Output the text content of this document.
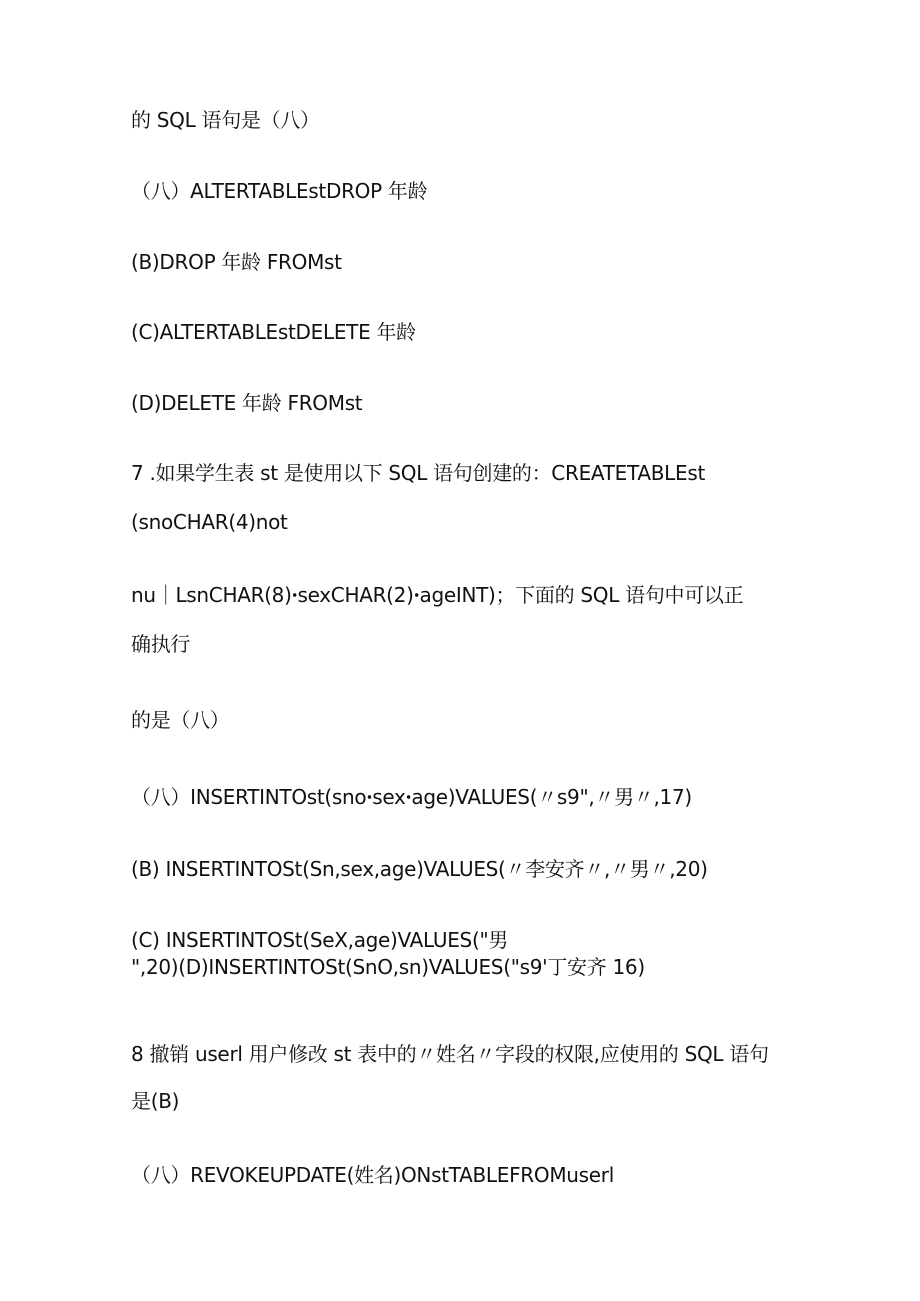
的 SQL 语句是（八）
（八）ALTERTABLEstDROP 年龄
(B)DROP 年龄 FROMst
(C)ALTERTABLEstDELETE 年龄
(D)DELETE 年龄 FROMst
7 .如果学生表 st 是使用以下 SQL 语句创建的：CREATETABLEst
(snoCHAR(4)not
nu｜LsnCHAR(8)ꞏsexCHAR(2)ꞏageINT)；下面的 SQL 语句中可以正
确执行
的是（八）
（八）INSERTINTOst(snoꞏsexꞏage)VALUES(〃s9",〃男〃,17)
(B) INSERTINTOSt(Sn,sex,age)VALUES(〃李安齐〃,〃男〃,20)
(C) INSERTINTOSt(SeX,age)VALUES("男
",20)(D)INSERTINTOSt(SnO,sn)VALUES("s9'丁安齐 16)
8 撤销 userl 用户修改 st 表中的〃姓名〃字段的权限,应使用的 SQL 语句
是(B)
（八）REVOKEUPDATE(姓名)ONstTABLEFROMuserl
